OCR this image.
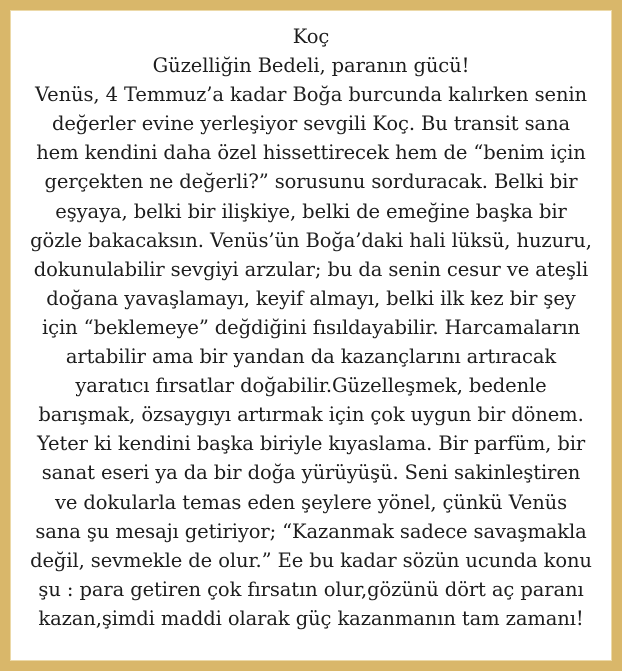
Koç
Güzelliğin Bedeli, paranın gücü!
Venüs, 4 Temmuz’a kadar Boğa burcunda kalırken senin
değerler evine yerleşiyor sevgili Koç. Bu transit sana
hem kendini daha özel hissettirecek hem de “benim için
gerçekten ne değerli?” sorusunu sorduracak. Belki bir
eşyaya, belki bir ilişkiye, belki de emeğine başka bir
gözle bakacaksın. Venüs’ün Boğa’daki hali lüksü, huzuru,
dokunulabilir sevgiyi arzular; bu da senin cesur ve ateşli
doğana yavaşlamayı, keyif almayı, belki ilk kez bir şey
için “beklemeye” değdiğini fısıldayabilir. Harcamaların
artabilir ama bir yandan da kazançlarını artıracak
yaratıcı fırsatlar doğabilir.Güzelleşmek, bedenle
barışmak, özsaygıyı artırmak için çok uygun bir dönem.
Yeter ki kendini başka biriyle kıyaslama. Bir parfüm, bir
sanat eseri ya da bir doğa yürüyüşü. Seni sakinleştiren
ve dokularla temas eden şeylere yönel, çünkü Venüs
sana şu mesajı getiriyor; “Kazanmak sadece savaşmakla
değil, sevmekle de olur.” Ee bu kadar sözün ucunda konu
şu : para getiren çok fırsatın olur,gözünü dört aç paranı
kazan,şimdi maddi olarak güç kazanmanın tam zamanı!
